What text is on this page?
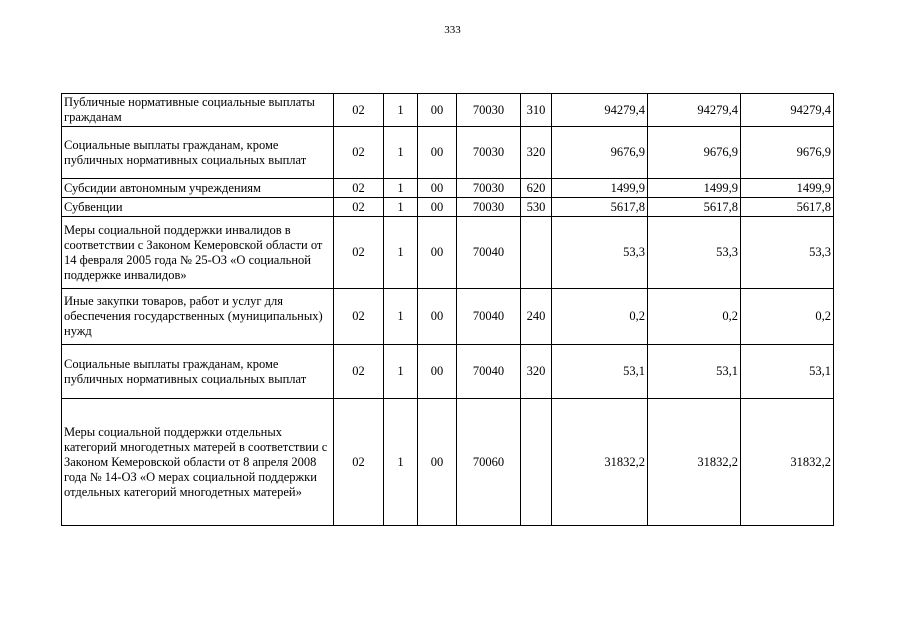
333
Публичные нормативные социальные выплаты гражданам	02	1	00	70030	310	94279,4	94279,4	94279,4
Социальные выплаты гражданам, кроме публичных нормативных социальных выплат	02	1	00	70030	320	9676,9	9676,9	9676,9
Субсидии автономным учреждениям	02	1	00	70030	620	1499,9	1499,9	1499,9
Субвенции	02	1	00	70030	530	5617,8	5617,8	5617,8
Меры социальной поддержки инвалидов в соответствии с Законом Кемеровской области от 14 февраля 2005 года № 25-ОЗ «О социальной поддержке инвалидов»	02	1	00	70040		53,3	53,3	53,3
Иные закупки товаров, работ и услуг для обеспечения государственных (муниципальных) нужд	02	1	00	70040	240	0,2	0,2	0,2
Социальные выплаты гражданам, кроме публичных нормативных социальных выплат	02	1	00	70040	320	53,1	53,1	53,1
Меры социальной поддержки отдельных категорий многодетных матерей в соответствии с Законом Кемеровской области от 8 апреля 2008 года № 14-ОЗ «О мерах социальной поддержки отдельных категорий многодетных матерей»	02	1	00	70060		31832,2	31832,2	31832,2
